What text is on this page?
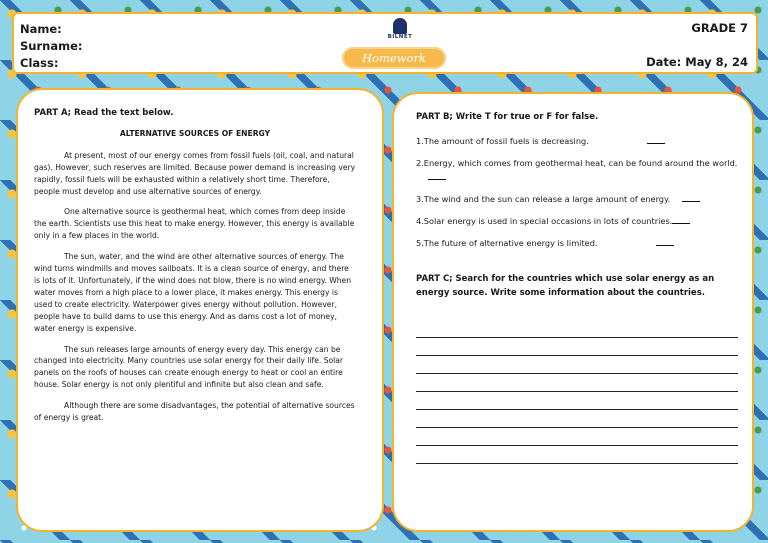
Name:
Surname:
Class:
BILNET
Homework
GRADE 7
Date: May 8, 24
PART A; Read the text below.
ALTERNATIVE SOURCES OF ENERGY

At present, most of our energy comes from fossil fuels (oil, coal, and natural gas). However, such reserves are limited. Because power demand is increasing very rapidly, fossil fuels will be exhausted within a relatively short time. Therefore, people must develop and use alternative sources of energy.

One alternative source is geothermal heat, which comes from deep inside the earth. Scientists use this heat to make energy. However, this energy is available only in a few places in the world.

The sun, water, and the wind are other alternative sources of energy. The wind turns windmills and moves sailboats. It is a clean source of energy, and there is lots of it. Unfortunately, if the wind does not blow, there is no wind energy. When water moves from a high place to a lower place, it makes energy. This energy is used to create electricity. Waterpower gives energy without pollution. However, people have to build dams to use this energy. And as dams cost a lot of money, water energy is expensive.

The sun releases large amounts of energy every day. This energy can be changed into electricity. Many countries use solar energy for their daily life. Solar panels on the roofs of houses can create enough energy to heat or cool an entire house. Solar energy is not only plentiful and infinite but also clean and safe.

Although there are some disadvantages, the potential of alternative sources of energy is great.

PART B; Write T for true or F for false.
1.The amount of fossil fuels is decreasing.
2.Energy, which comes from geothermal heat, can be found around the world.
3.The wind and the sun can release a large amount of energy.
4.Solar energy is used in special occasions in lots of countries.
5.The future of alternative energy is limited.
PART C; Search for the countries which use solar energy as an energy source. Write some information about the countries.
